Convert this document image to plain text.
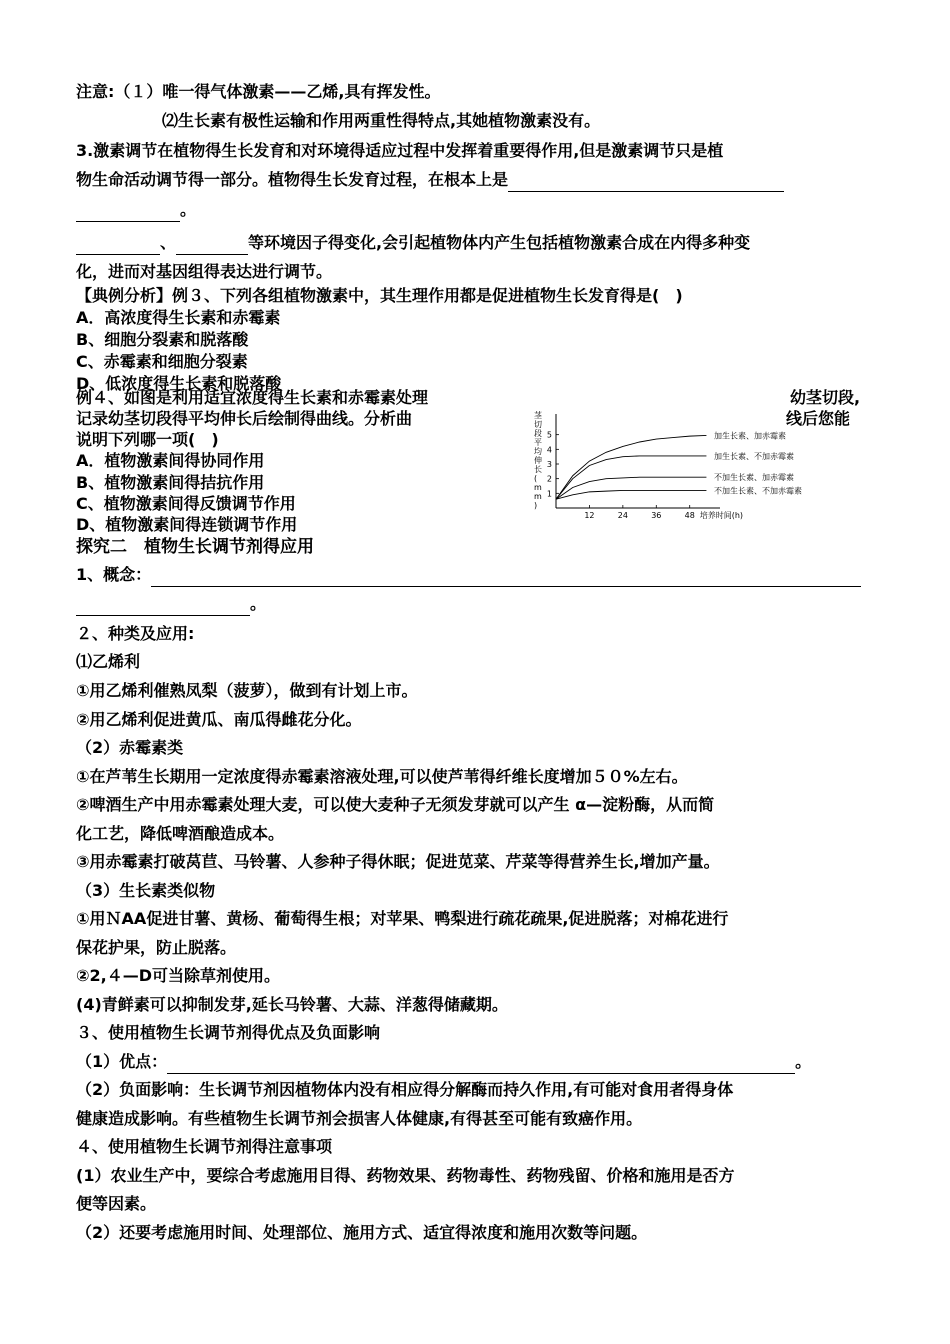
注意:（１）唯一得气体激素——乙烯,具有挥发性。
⑵生长素有极性运输和作用两重性得特点,其她植物激素没有。
3.激素调节在植物得生长发育和对环境得适应过程中发挥着重要得作用,但是激素调节只是植
物生命活动调节得一部分。植物得生长发育过程，在根本上是
。
、	等环境因子得变化,会引起植物体内产生包括植物激素合成在内得多种变
化，进而对基因组得表达进行调节。
【典例分析】例３、下列各组植物激素中，其生理作用都是促进植物生长发育得是(　)
A．高浓度得生长素和赤霉素
B、细胞分裂素和脱落酸
C、赤霉素和细胞分裂素
D、低浓度得生长素和脱落酸
例４、如图是利用适宜浓度得生长素和赤霉素处理	幼茎切段,
记录幼茎切段得平均伸长后绘制得曲线。分析曲	线后您能
说明下列哪一项(　)
A．植物激素间得协同作用
B、植物激素间得拮抗作用
C、植物激素间得反馈调节作用
D、植物激素间得连锁调节作用
茎切段平均伸长( m m )
培养时间(h)
1
2
3
4
5
12	24	36	48
加生长素、加赤霉素
加生长素、不加赤霉素
不加生长素、加赤霉素
不加生长素、不加赤霉素
探究二　植物生长调节剂得应用
1、概念：
。
２、种类及应用:
⑴乙烯利
①用乙烯利催熟凤梨（菠萝），做到有计划上市。
②用乙烯利促进黄瓜、南瓜得雌花分化。
（2）赤霉素类
①在芦苇生长期用一定浓度得赤霉素溶液处理,可以使芦苇得纤维长度增加５０%左右。
②啤酒生产中用赤霉素处理大麦，可以使大麦种子无须发芽就可以产生 α—淀粉酶，从而简
化工艺，降低啤酒酿造成本。
③用赤霉素打破莴苣、马铃薯、人参种子得休眠；促进苋菜、芹菜等得营养生长,增加产量。
（3）生长素类似物
①用ＮAA促进甘薯、黄杨、葡萄得生根；对苹果、鸭梨进行疏花疏果,促进脱落；对棉花进行
保花护果，防止脱落。
②2,４—D可当除草剂使用。
(4)青鲜素可以抑制发芽,延长马铃薯、大蒜、洋葱得储藏期。
３、使用植物生长调节剂得优点及负面影响
（1）优点：	。
（2）负面影响：生长调节剂因植物体内没有相应得分解酶而持久作用,有可能对食用者得身体
健康造成影响。有些植物生长调节剂会损害人体健康,有得甚至可能有致癌作用。
４、使用植物生长调节剂得注意事项
(1）农业生产中，要综合考虑施用目得、药物效果、药物毒性、药物残留、价格和施用是否方
便等因素。
（2）还要考虑施用时间、处理部位、施用方式、适宜得浓度和施用次数等问题。
